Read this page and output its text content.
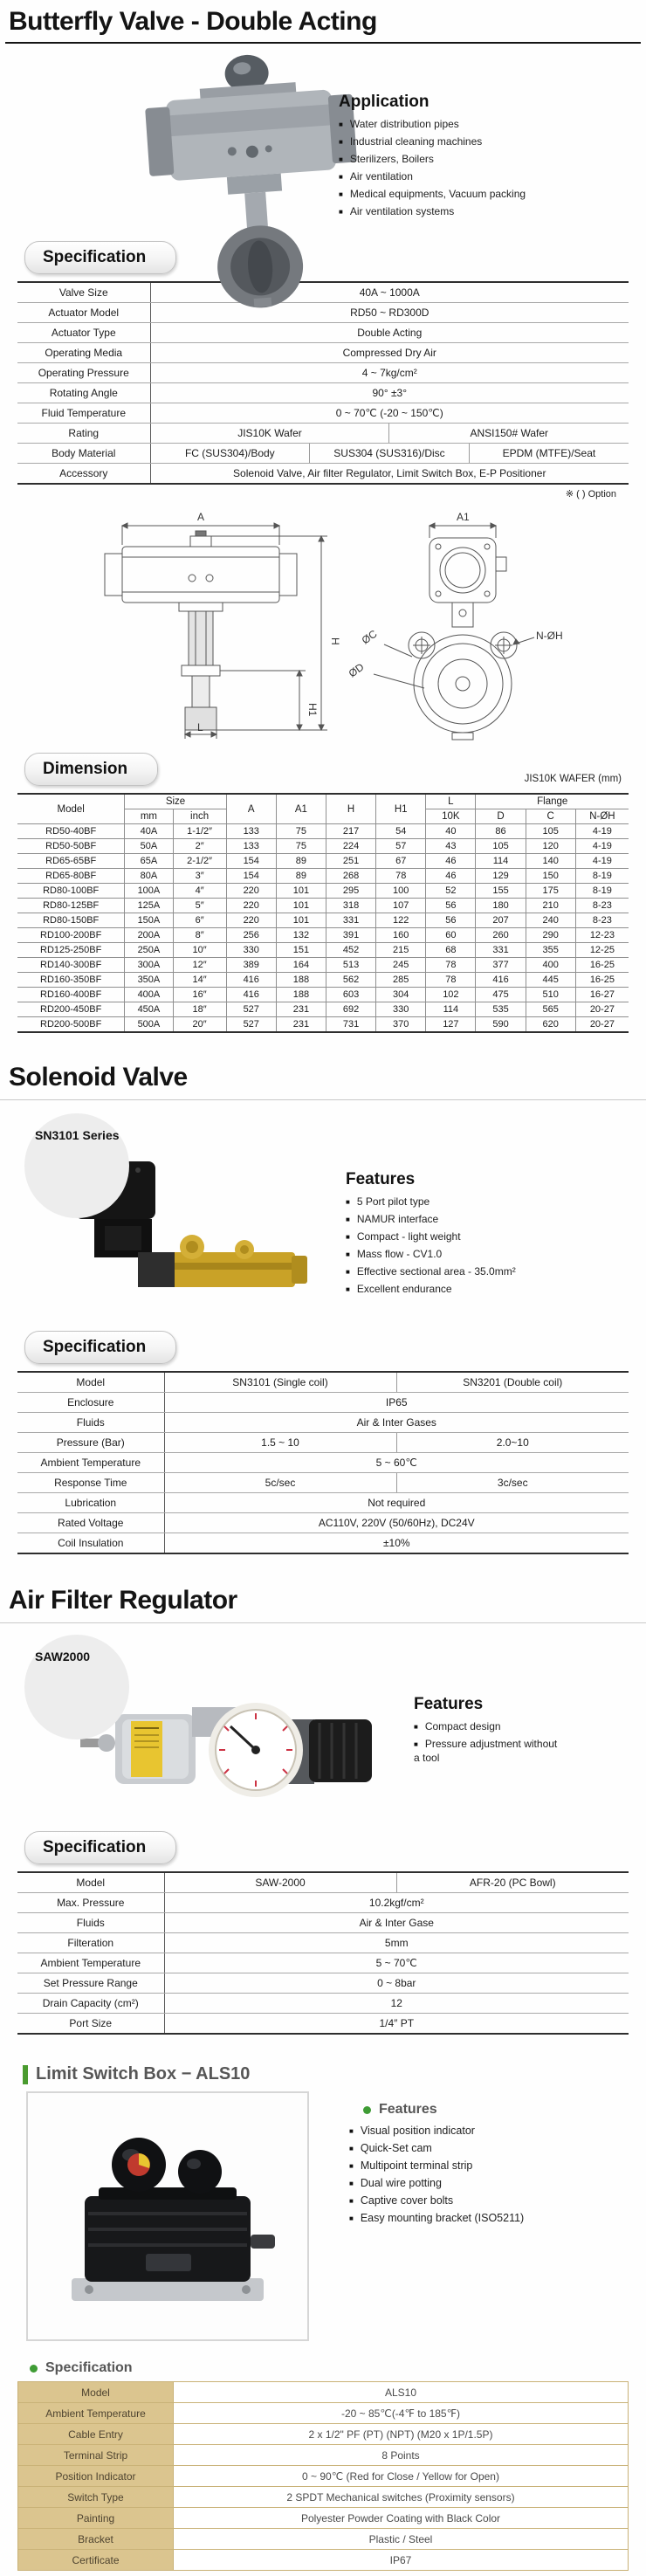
Butterfly Valve - Double Acting
Application
■ Water distribution pipes
■ Industrial cleaning machines
■ Sterilizers, Boilers
■ Air ventilation
■ Medical equipments, Vacuum packing
■ Air ventilation systems
Specification
Valve Size	40A ~ 1000A			
Actuator Model	RD50 ~ RD300D			
Actuator Type	Double Acting			
Operating Media	Compressed Dry Air			
Operating Pressure	4 ~ 7kg/cm²			
Rotating Angle	90° ±3°			
Fluid Temperature	0 ~ 70℃ (-20 ~ 150℃)			
Rating	JIS10K Wafer		ANSI150# Wafer	
Body Material	FC (SUS304)/Body	SUS304 (SUS316)/Disc		EPDM (MTFE)/Seat
Accessory	Solenoid Valve, Air filter Regulator, Limit Switch Box, E-P Positioner			
※ ( ) Option
A
H
H1
L
A1
ØC
ØD
N-ØH
Dimension
JIS10K WAFER (mm)
Model	Size		A	A1	H	H1	L	Flange		
	mm	inch					10K	D	C	N-ØH
RD50-40BF	40A	1-1/2″	133	75	217	54	40	86	105	4-19
RD50-50BF	50A	2″	133	75	224	57	43	105	120	4-19
RD65-65BF	65A	2-1/2″	154	89	251	67	46	114	140	4-19
RD65-80BF	80A	3″	154	89	268	78	46	129	150	8-19
RD80-100BF	100A	4″	220	101	295	100	52	155	175	8-19
RD80-125BF	125A	5″	220	101	318	107	56	180	210	8-23
RD80-150BF	150A	6″	220	101	331	122	56	207	240	8-23
RD100-200BF	200A	8″	256	132	391	160	60	260	290	12-23
RD125-250BF	250A	10″	330	151	452	215	68	331	355	12-25
RD140-300BF	300A	12″	389	164	513	245	78	377	400	16-25
RD160-350BF	350A	14″	416	188	562	285	78	416	445	16-25
RD160-400BF	400A	16″	416	188	603	304	102	475	510	16-27
RD200-450BF	450A	18″	527	231	692	330	114	535	565	20-27
RD200-500BF	500A	20″	527	231	731	370	127	590	620	20-27
Solenoid Valve
SN3101 Series
Features
■ 5 Port pilot type
■ NAMUR interface
■ Compact - light weight
■ Mass flow - CV1.0
■ Effective sectional area - 35.0mm²
■ Excellent endurance
Specification
Model	SN3101 (Single coil)	SN3201 (Double coil)
Enclosure	IP65	
Fluids	Air & Inter Gases	
Pressure (Bar)	1.5 ~ 10	2.0~10
Ambient Temperature	5 ~ 60℃	
Response Time	5c/sec	3c/sec
Lubrication	Not required	
Rated Voltage	AC110V, 220V (50/60Hz), DC24V	
Coil Insulation	±10%	
Air Filter Regulator
SAW2000
Features
■ Compact design
■ Pressure adjustment without a tool
Specification
Model	SAW-2000	AFR-20 (PC Bowl)
Max. Pressure	10.2kgf/cm²	
Fluids	Air & Inter Gase	
Filteration	5mm	
Ambient Temperature	5 ~ 70℃	
Set Pressure Range	0 ~ 8bar	
Drain Capacity (cm²)	12	
Port Size	1/4″ PT	
Limit Switch Box − ALS10
Features
■ Visual position indicator
■ Quick-Set cam
■ Multipoint terminal strip
■ Dual wire potting
■ Captive cover bolts
■ Easy mounting bracket (ISO5211)
Specification
Model	ALS10
Ambient Temperature	-20 ~ 85℃(-4℉ to 185℉)
Cable Entry	2 x 1/2" PF (PT) (NPT) (M20 x 1P/1.5P)
Terminal Strip	8 Points
Position Indicator	0 ~ 90℃ (Red for Close / Yellow for Open)
Switch Type	2 SPDT Mechanical switches (Proximity sensors)
Painting	Polyester Powder Coating with Black Color
Bracket	Plastic / Steel
Certificate	IP67
